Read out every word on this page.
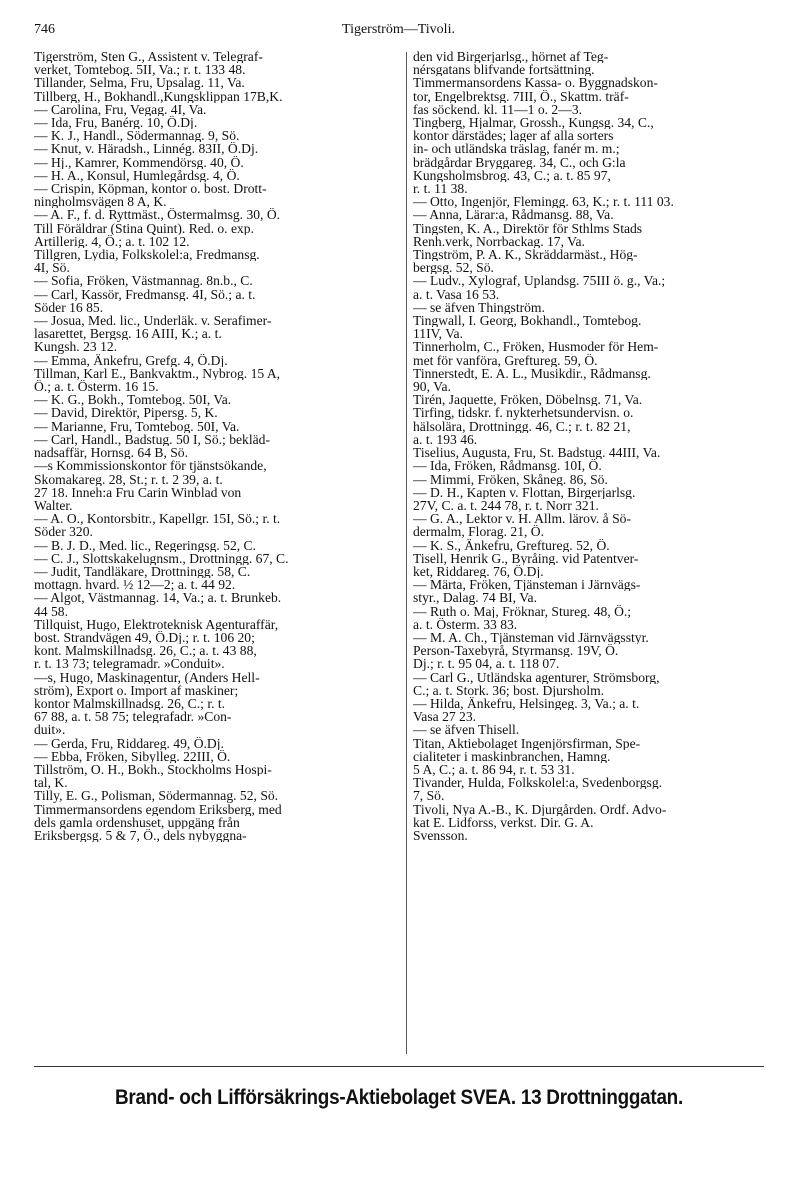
746	Tigerström—Tivoli.
Tigerström, Sten G., Assistent v. Telegraf-
verket, Tomtebog. 5II, Va.; r. t. 133 48.
Tillander, Selma, Fru, Upsalag. 11, Va.
Tillberg, H., Bokhandl.,Kungsklippan 17B,K.
— Carolina, Fru, Vegag. 4I, Va.
— Ida, Fru, Banérg. 10, Ö.Dj.
— K. J., Handl., Södermannag. 9, Sö.
— Knut, v. Häradsh., Linnég. 83II, Ö.Dj.
— Hj., Kamrer, Kommendörsg. 40, Ö.
— H. A., Konsul, Humlegårdsg. 4, Ö.
— Crispin, Köpman, kontor o. bost. Drott-
ningholmsvägen 8 A, K.
— A. F., f. d. Ryttmäst., Östermalmsg. 30, Ö.
Till Föräldrar (Stina Quint). Red. o. exp.
Artillerig. 4, Ö.; a. t. 102 12.
Tillgren, Lydia, Folkskolel:a, Fredmansg.
4I, Sö.
— Sofia, Fröken, Västmannag. 8n.b., C.
— Carl, Kassör, Fredmansg. 4I, Sö.; a. t.
Söder 16 85.
— Josua, Med. lic., Underläk. v. Serafimer-
lasarettet, Bergsg. 16 AIII, K.; a. t.
Kungsh. 23 12.
— Emma, Änkefru, Grefg. 4, Ö.Dj.
Tillman, Karl E., Bankvaktm., Nybrog. 15 A,
Ö.; a. t. Österm. 16 15.
— K. G., Bokh., Tomtebog. 50I, Va.
— David, Direktör, Pipersg. 5, K.
— Marianne, Fru, Tomtebog. 50I, Va.
— Carl, Handl., Badstug. 50 I, Sö.; bekläd-
nadsaffär, Hornsg. 64 B, Sö.
—s Kommissionskontor för tjänstsökande,
Skomakareg. 28, St.; r. t. 2 39, a. t.
27 18. Inneh:a Fru Carin Winblad von
Walter.
— A. O., Kontorsbitr., Kapellgr. 15I, Sö.; r. t.
Söder 320.
— B. J. D., Med. lic., Regeringsg. 52, C.
— C. J., Slottskakelugnsm., Drottningg. 67, C.
— Judit, Tandläkare, Drottningg. 58, C.
mottagn. hvard. ½ 12—2; a. t. 44 92.
— Algot, Västmannag. 14, Va.; a. t. Brunkeb.
44 58.
Tillquist, Hugo, Elektroteknisk Agenturaffär,
bost. Strandvägen 49, Ö.Dj.; r. t. 106 20;
kont. Malmskillnadsg. 26, C.; a. t. 43 88,
r. t. 13 73; telegramadr. »Conduit».
—s, Hugo, Maskinagentur, (Anders Hell-
ström), Export o. Import af maskiner;
kontor Malmskillnadsg. 26, C.; r. t.
67 88, a. t. 58 75; telegrafadr. »Con-
duit».
— Gerda, Fru, Riddareg. 49, Ö.Dj.
— Ebba, Fröken, Sibylleg. 22III, Ö.
Tillström, O. H., Bokh., Stockholms Hospi-
tal, K.
Tilly, E. G., Polisman, Södermannag. 52, Sö.
Timmermansordens egendom Eriksberg, med
dels gamla ordenshuset, uppgäng från
Eriksbergsg. 5 & 7, Ö., dels nybyggna-
den vid Birgerjarlsg., hörnet af Teg-
nérsgatans blifvande fortsättning.
Timmermansordens Kassa- o. Byggnadskon-
tor, Engelbrektsg. 7III, Ö., Skattm. träf-
fas söckend. kl. 11—1 o. 2—3.
Tingberg, Hjalmar, Grossh., Kungsg. 34, C.,
kontor därstädes; lager af alla sorters
in- och utländska träslag, fanér m. m.;
brädgårdar Bryggareg. 34, C., och G:la
Kungsholmsbrog. 43, C.; a. t. 85 97,
r. t. 11 38.
— Otto, Ingenjör, Flemingg. 63, K.; r. t. 111 03.
— Anna, Lärar:a, Rådmansg. 88, Va.
Tingsten, K. A., Direktör för Sthlms Stads
Renh.verk, Norrbackag. 17, Va.
Tingström, P. A. K., Skräddarmäst., Hög-
bergsg. 52, Sö.
— Ludv., Xylograf, Uplandsg. 75III ö. g., Va.;
a. t. Vasa 16 53.
— se äfven Thingström.
Tingwall, I. Georg, Bokhandl., Tomtebog.
11IV, Va.
Tinnerholm, C., Fröken, Husmoder för Hem-
met för vanföra, Greftureg. 59, Ö.
Tinnerstedt, E. A. L., Musikdir., Rådmansg.
90, Va.
Tirén, Jaquette, Fröken, Döbelnsg. 71, Va.
Tirfing, tidskr. f. nykterhetsundervisn. o.
hälsolära, Drottningg. 46, C.; r. t. 82 21,
a. t. 193 46.
Tiselius, Augusta, Fru, St. Badstug. 44III, Va.
— Ida, Fröken, Rådmansg. 10I, Ö.
— Mimmi, Fröken, Skåneg. 86, Sö.
— D. H., Kapten v. Flottan, Birgerjarlsg.
27V, C. a. t. 244 78, r. t. Norr 321.
— G. A., Lektor v. H. Allm. lärov. å Sö-
dermalm, Florag. 21, Ö.
— K. S., Änkefru, Greftureg. 52, Ö.
Tisell, Henrik G., Byråing. vid Patentver-
ket, Riddareg. 76, Ö.Dj.
— Märta, Fröken, Tjänsteman i Järnvägs-
styr., Dalag. 74 BI, Va.
— Ruth o. Maj, Fröknar, Stureg. 48, Ö.;
a. t. Österm. 33 83.
— M. A. Ch., Tjänsteman vid Järnvägsstyr.
Person-Taxebyrå, Styrmansg. 19V, Ö.
Dj.; r. t. 95 04, a. t. 118 07.
— Carl G., Utländska agenturer, Strömsborg,
C.; a. t. Stork. 36; bost. Djursholm.
— Hilda, Änkefru, Helsingeg. 3, Va.; a. t.
Vasa 27 23.
— se äfven Thisell.
Titan, Aktiebolaget Ingenjörsfirman, Spe-
cialiteter i maskinbranchen, Hamng.
5 A, C.; a. t. 86 94, r. t. 53 31.
Tivander, Hulda, Folkskolel:a, Svedenborgsg.
7, Sö.
Tivoli, Nya A.-B., K. Djurgården. Ordf. Advo-
kat E. Lidforss, verkst. Dir. G. A.
Svensson.
Brand- och Lifförsäkrings-Aktiebolaget SVEA. 13 Drottninggatan.
